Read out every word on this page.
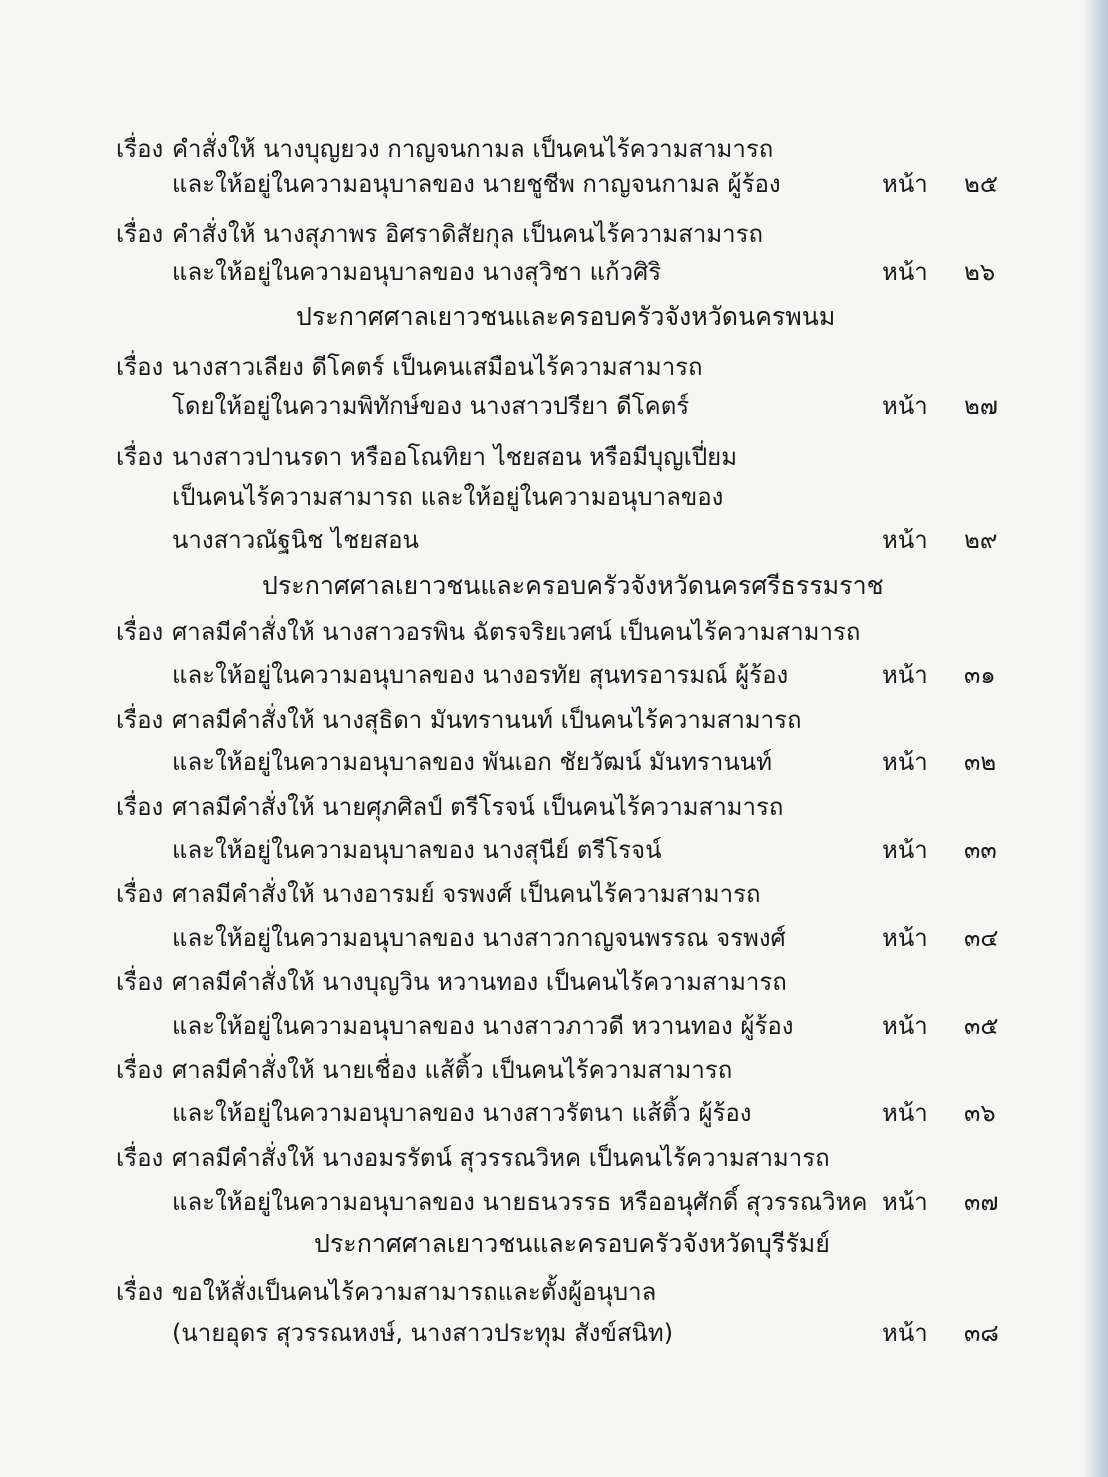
เรื่อง คำสั่งให้ นางบุญยวง กาญจนกามล เป็นคนไร้ความสามารถ
และให้อยู่ในความอนุบาลของ นายชูชีพ กาญจนกามล ผู้ร้อง	หน้า ๒๕
เรื่อง คำสั่งให้ นางสุภาพร อิศราดิสัยกุล เป็นคนไร้ความสามารถ
และให้อยู่ในความอนุบาลของ นางสุวิชา แก้วศิริ	หน้า ๒๖
ประกาศศาลเยาวชนและครอบครัวจังหวัดนครพนม
เรื่อง นางสาวเลียง ดีโคตร์ เป็นคนเสมือนไร้ความสามารถ
โดยให้อยู่ในความพิทักษ์ของ นางสาวปรียา ดีโคตร์	หน้า ๒๗
เรื่อง นางสาวปานรดา หรืออโณทิยา ไชยสอน หรือมีบุญเปี่ยม
เป็นคนไร้ความสามารถ และให้อยู่ในความอนุบาลของ
นางสาวณัฐนิช ไชยสอน	หน้า ๒๙
ประกาศศาลเยาวชนและครอบครัวจังหวัดนครศรีธรรมราช
เรื่อง ศาลมีคำสั่งให้ นางสาวอรพิน ฉัตรจริยเวศน์ เป็นคนไร้ความสามารถ
และให้อยู่ในความอนุบาลของ นางอรทัย สุนทรอารมณ์ ผู้ร้อง	หน้า ๓๑
เรื่อง ศาลมีคำสั่งให้ นางสุธิดา มันทรานนท์ เป็นคนไร้ความสามารถ
และให้อยู่ในความอนุบาลของ พันเอก ชัยวัฒน์ มันทรานนท์	หน้า ๓๒
เรื่อง ศาลมีคำสั่งให้ นายศุภศิลป์ ตรีโรจน์ เป็นคนไร้ความสามารถ
และให้อยู่ในความอนุบาลของ นางสุนีย์ ตรีโรจน์	หน้า ๓๓
เรื่อง ศาลมีคำสั่งให้ นางอารมย์ จรพงศ์ เป็นคนไร้ความสามารถ
และให้อยู่ในความอนุบาลของ นางสาวกาญจนพรรณ จรพงศ์	หน้า ๓๔
เรื่อง ศาลมีคำสั่งให้ นางบุญวิน หวานทอง เป็นคนไร้ความสามารถ
และให้อยู่ในความอนุบาลของ นางสาวภาวดี หวานทอง ผู้ร้อง	หน้า ๓๕
เรื่อง ศาลมีคำสั่งให้ นายเชื่อง แส้ติ้ว เป็นคนไร้ความสามารถ
และให้อยู่ในความอนุบาลของ นางสาวรัตนา แส้ติ้ว ผู้ร้อง	หน้า ๓๖
เรื่อง ศาลมีคำสั่งให้ นางอมรรัตน์ สุวรรณวิหค เป็นคนไร้ความสามารถ
และให้อยู่ในความอนุบาลของ นายธนวรรธ หรืออนุศักดิ์ สุวรรณวิหค หน้า ๓๗
ประกาศศาลเยาวชนและครอบครัวจังหวัดบุรีรัมย์
เรื่อง ขอให้สั่งเป็นคนไร้ความสามารถและตั้งผู้อนุบาล
(นายอุดร สุวรรณหงษ์, นางสาวประทุม สังข์สนิท)	หน้า ๓๘
